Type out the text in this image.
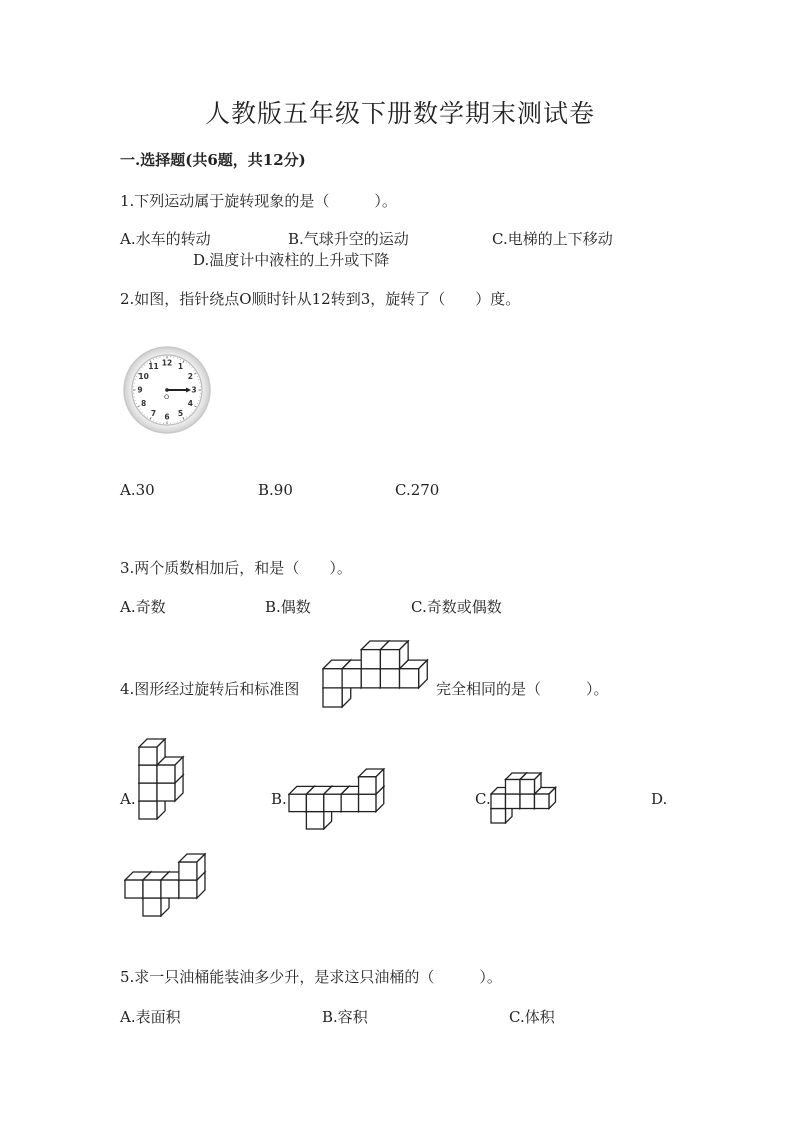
人教版五年级下册数学期末测试卷
一.选择题(共6题，共12分)
1.下列运动属于旋转现象的是（　　　）。
A.水车的转动	B.气球升空的运动	C.电梯的上下移动
D.温度计中液柱的上升或下降
2.如图，指针绕点O顺时针从12转到3，旋转了（　　）度。
12 1
2
3
4
5
6
7
8
9
10
11
O
A.30	B.90	C.270
3.两个质数相加后，和是（　　）。
A.奇数	B.偶数	C.奇数或偶数
4.图形经过旋转后和标准图	完全相同的是（　　　）。
A.	B.	C.	D.
5.求一只油桶能装油多少升，是求这只油桶的（　　　）。
A.表面积	B.容积	C.体积
